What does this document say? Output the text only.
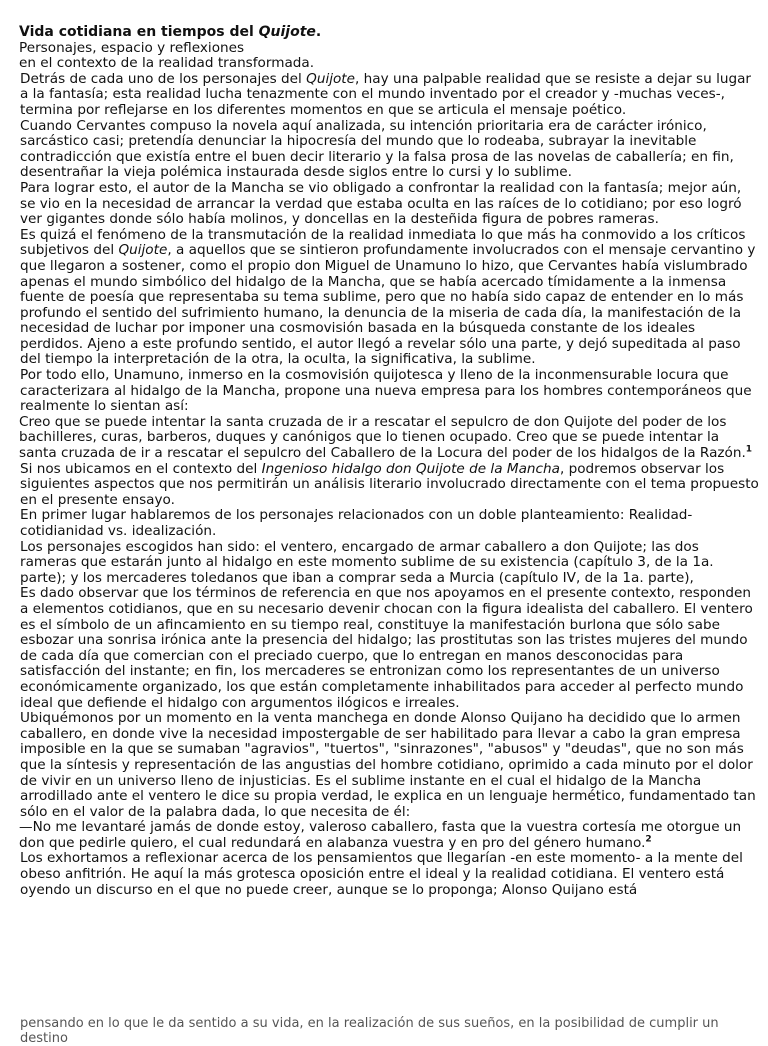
Vida cotidiana en tiempos del Quijote.
Personajes, espacio y reflexiones
en el contexto de la realidad transformada.

Detrás de cada uno de los personajes del Quijote, hay una palpable realidad que se resiste a dejar su lugar a la fantasía; esta realidad lucha tenazmente con el mundo inventado por el creador y -muchas veces-, termina por reflejarse en los diferentes momentos en que se articula el mensaje poético.

Cuando Cervantes compuso la novela aquí analizada, su intención prioritaria era de carácter irónico, sarcástico casi; pretendía denunciar la hipocresía del mundo que lo rodeaba, subrayar la inevitable contradicción que existía entre el buen decir literario y la falsa prosa de las novelas de caballería; en fin, desentrañar la vieja polémica instaurada desde siglos entre lo cursi y lo sublime.

Para lograr esto, el autor de la Mancha se vio obligado a confrontar la realidad con la fantasía; mejor aún, se vio en la necesidad de arrancar la verdad que estaba oculta en las raíces de lo cotidiano; por eso logró ver gigantes donde sólo había molinos, y doncellas en la desteñida figura de pobres rameras.

Es quizá el fenómeno de la transmutación de la realidad inmediata lo que más ha conmovido a los críticos subjetivos del Quijote, a aquellos que se sintieron profundamente involucrados con el mensaje cervantino y que llegaron a sostener, como el propio don Miguel de Unamuno lo hizo, que Cervantes había vislumbrado apenas el mundo simbólico del hidalgo de la Mancha, que se había acercado tímidamente a la inmensa fuente de poesía que representaba su tema sublime, pero que no había sido capaz de entender en lo más profundo el sentido del sufrimiento humano, la denuncia de la miseria de cada día, la manifestación de la necesidad de luchar por imponer una cosmovisión basada en la búsqueda constante de los ideales perdidos. Ajeno a este profundo sentido, el autor llegó a revelar sólo una parte, y dejó supeditada al paso del tiempo la interpretación de la otra, la oculta, la significativa, la sublime.

Por todo ello, Unamuno, inmerso en la cosmovisión quijotesca y lleno de la inconmensurable locura que caracterizara al hidalgo de la Mancha, propone una nueva empresa para los hombres contemporáneos que realmente lo sientan así:

Creo que se puede intentar la santa cruzada de ir a rescatar el sepulcro de don Quijote del poder de los bachilleres, curas, barberos, duques y canónigos que lo tienen ocupado. Creo que se puede intentar la santa cruzada de ir a rescatar el sepulcro del Caballero de la Locura del poder de los hidalgos de la Razón.$^1$

Si nos ubicamos en el contexto del Ingenioso hidalgo don Quijote de la Mancha, podremos observar los siguientes aspectos que nos permitirán un análisis literario involucrado directamente con el tema propuesto en el presente ensayo.

En primer lugar hablaremos de los personajes relacionados con un doble planteamiento: Realidad-cotidianidad vs. idealización.

Los personajes escogidos han sido: el ventero, encargado de armar caballero a don Quijote; las dos rameras que estarán junto al hidalgo en este momento sublime de su existencia (capítulo 3, de la 1a. parte); y los mercaderes toledanos que iban a comprar seda a Murcia (capítulo IV, de la 1a. parte),

Es dado observar que los términos de referencia en que nos apoyamos en el presente contexto, responden a elementos cotidianos, que en su necesario devenir chocan con la figura idealista del caballero. El ventero es el símbolo de un afincamiento en su tiempo real, constituye la manifestación burlona que sólo sabe esbozar una sonrisa irónica ante la presencia del hidalgo; las prostitutas son las tristes mujeres del mundo de cada día que comercian con el preciado cuerpo, que lo entregan en manos desconocidas para satisfacción del instante; en fin, los mercaderes se entronizan como los representantes de un universo económicamente organizado, los que están completamente inhabilitados para acceder al perfecto mundo ideal que defiende el hidalgo con argumentos ilógicos e irreales.

Ubiquémonos por un momento en la venta manchega en donde Alonso Quijano ha decidido que lo armen caballero, en donde vive la necesidad impostergable de ser habilitado para llevar a cabo la gran empresa imposible en la que se sumaban "agravios", "tuertos", "sinrazones", "abusos" y "deudas", que no son más que la síntesis y representación de las angustias del hombre cotidiano, oprimido a cada minuto por el dolor de vivir en un universo lleno de injusticias. Es el sublime instante en el cual el hidalgo de la Mancha arrodillado ante el ventero le dice su propia verdad, le explica en un lenguaje hermético, fundamentado tan sólo en el valor de la palabra dada, lo que necesita de él:

—No me levantaré jamás de donde estoy, valeroso caballero, fasta que la vuestra cortesía me otorgue un don que pedirle quiero, el cual redundará en alabanza vuestra y en pro del género humano.$^2$

Los exhortamos a reflexionar acerca de los pensamientos que llegarían -en este momento- a la mente del obeso anfitrión. He aquí la más grotesca oposición entre el ideal y la realidad cotidiana. El ventero está oyendo un discurso en el que no puede creer, aunque se lo proponga; Alonso Quijano está

pensando en lo que le da sentido a su vida, en la realización de sus sueños, en la posibilidad de cumplir un destino
